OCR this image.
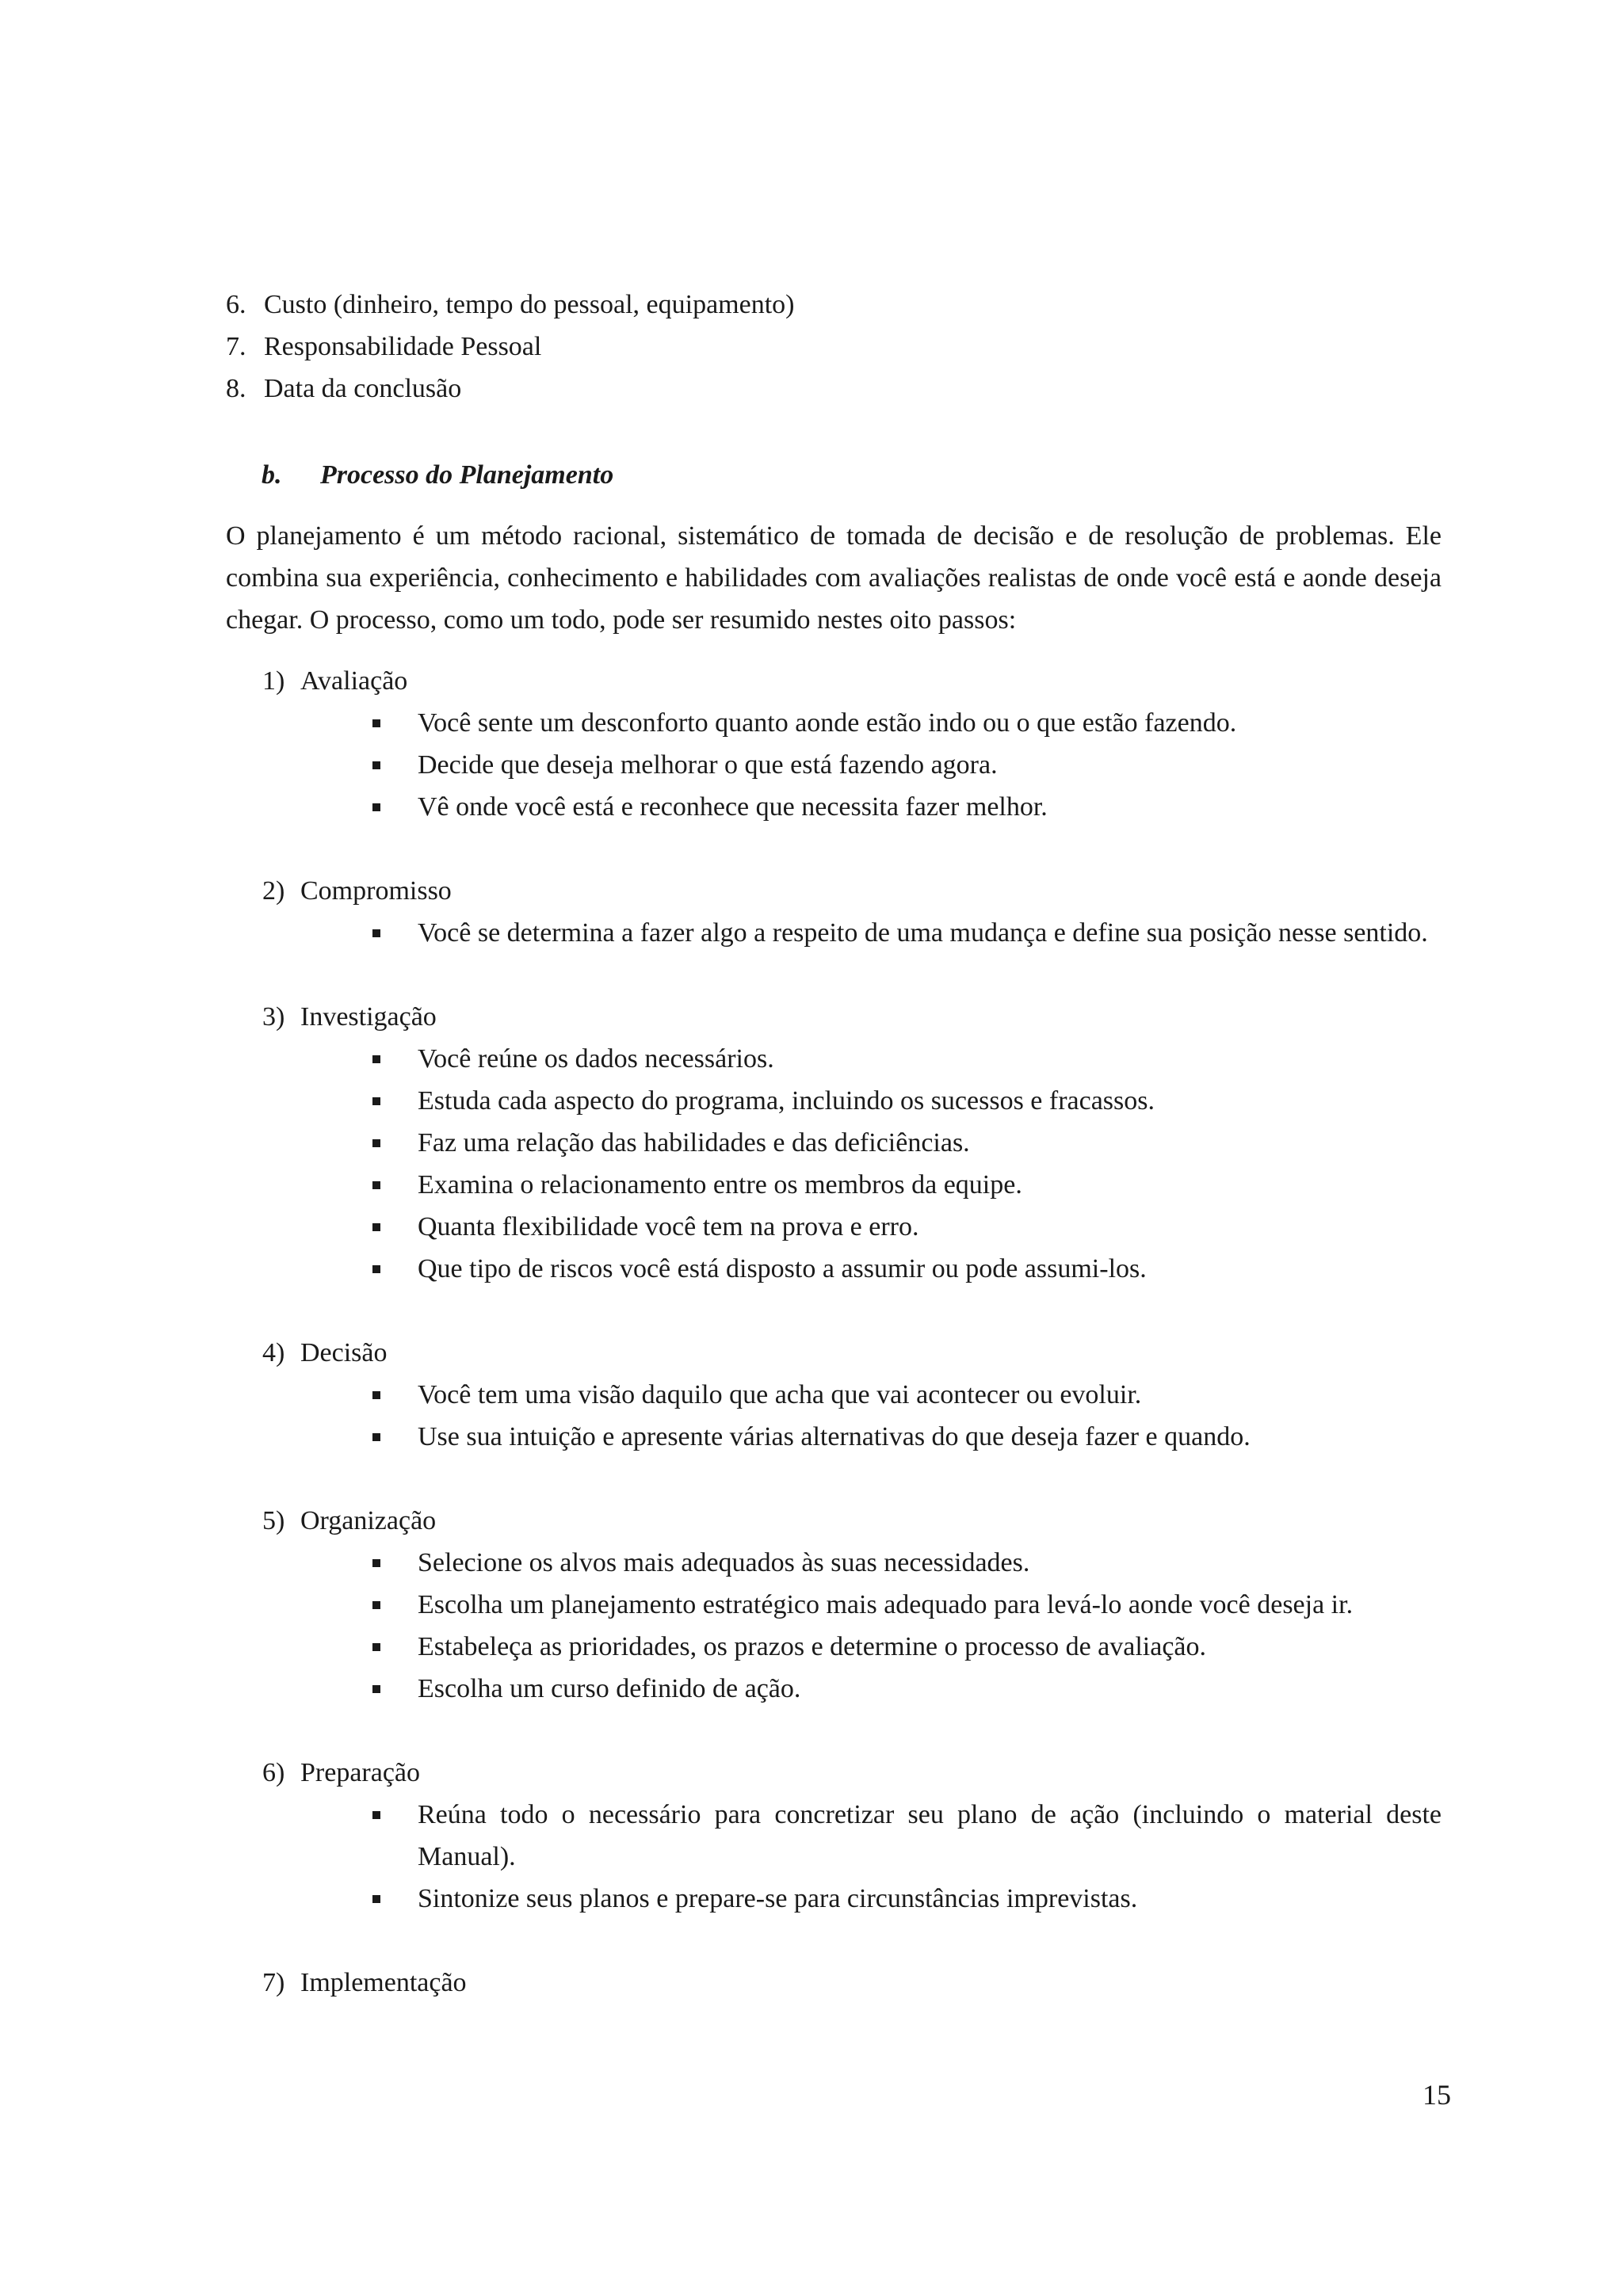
6. Custo (dinheiro, tempo do pessoal, equipamento)
7. Responsabilidade Pessoal
8. Data da conclusão
b.	Processo do Planejamento

O planejamento é um método racional, sistemático de tomada de decisão e de resolução de problemas. Ele combina sua experiência, conhecimento e habilidades com avaliações realistas de onde você está e aonde deseja chegar. O processo, como um todo, pode ser resumido nestes oito passos:

1) Avaliação
Você sente um desconforto quanto aonde estão indo ou o que estão fazendo.
Decide que deseja melhorar o que está fazendo agora.
Vê onde você está e reconhece que necessita fazer melhor.
2) Compromisso
Você se determina a fazer algo a respeito de uma mudança e define sua posição nesse sentido.
3) Investigação
Você reúne os dados necessários.
Estuda cada aspecto do programa, incluindo os sucessos e fracassos.
Faz uma relação das habilidades e das deficiências.
Examina o relacionamento entre os membros da equipe.
Quanta flexibilidade você tem na prova e erro.
Que tipo de riscos você está disposto a assumir ou pode assumi-los.
4) Decisão
Você tem uma visão daquilo que acha que vai acontecer ou evoluir.
Use sua intuição e apresente várias alternativas do que deseja fazer e quando.
5) Organização
Selecione os alvos mais adequados às suas necessidades.
Escolha um planejamento estratégico mais adequado para levá-lo aonde você deseja ir.
Estabeleça as prioridades, os prazos e determine o processo de avaliação.
Escolha um curso definido de ação.
6) Preparação
Reúna todo o necessário para concretizar seu plano de ação (incluindo o material deste Manual).
Sintonize seus planos e prepare-se para circunstâncias imprevistas.
7) Implementação
15
